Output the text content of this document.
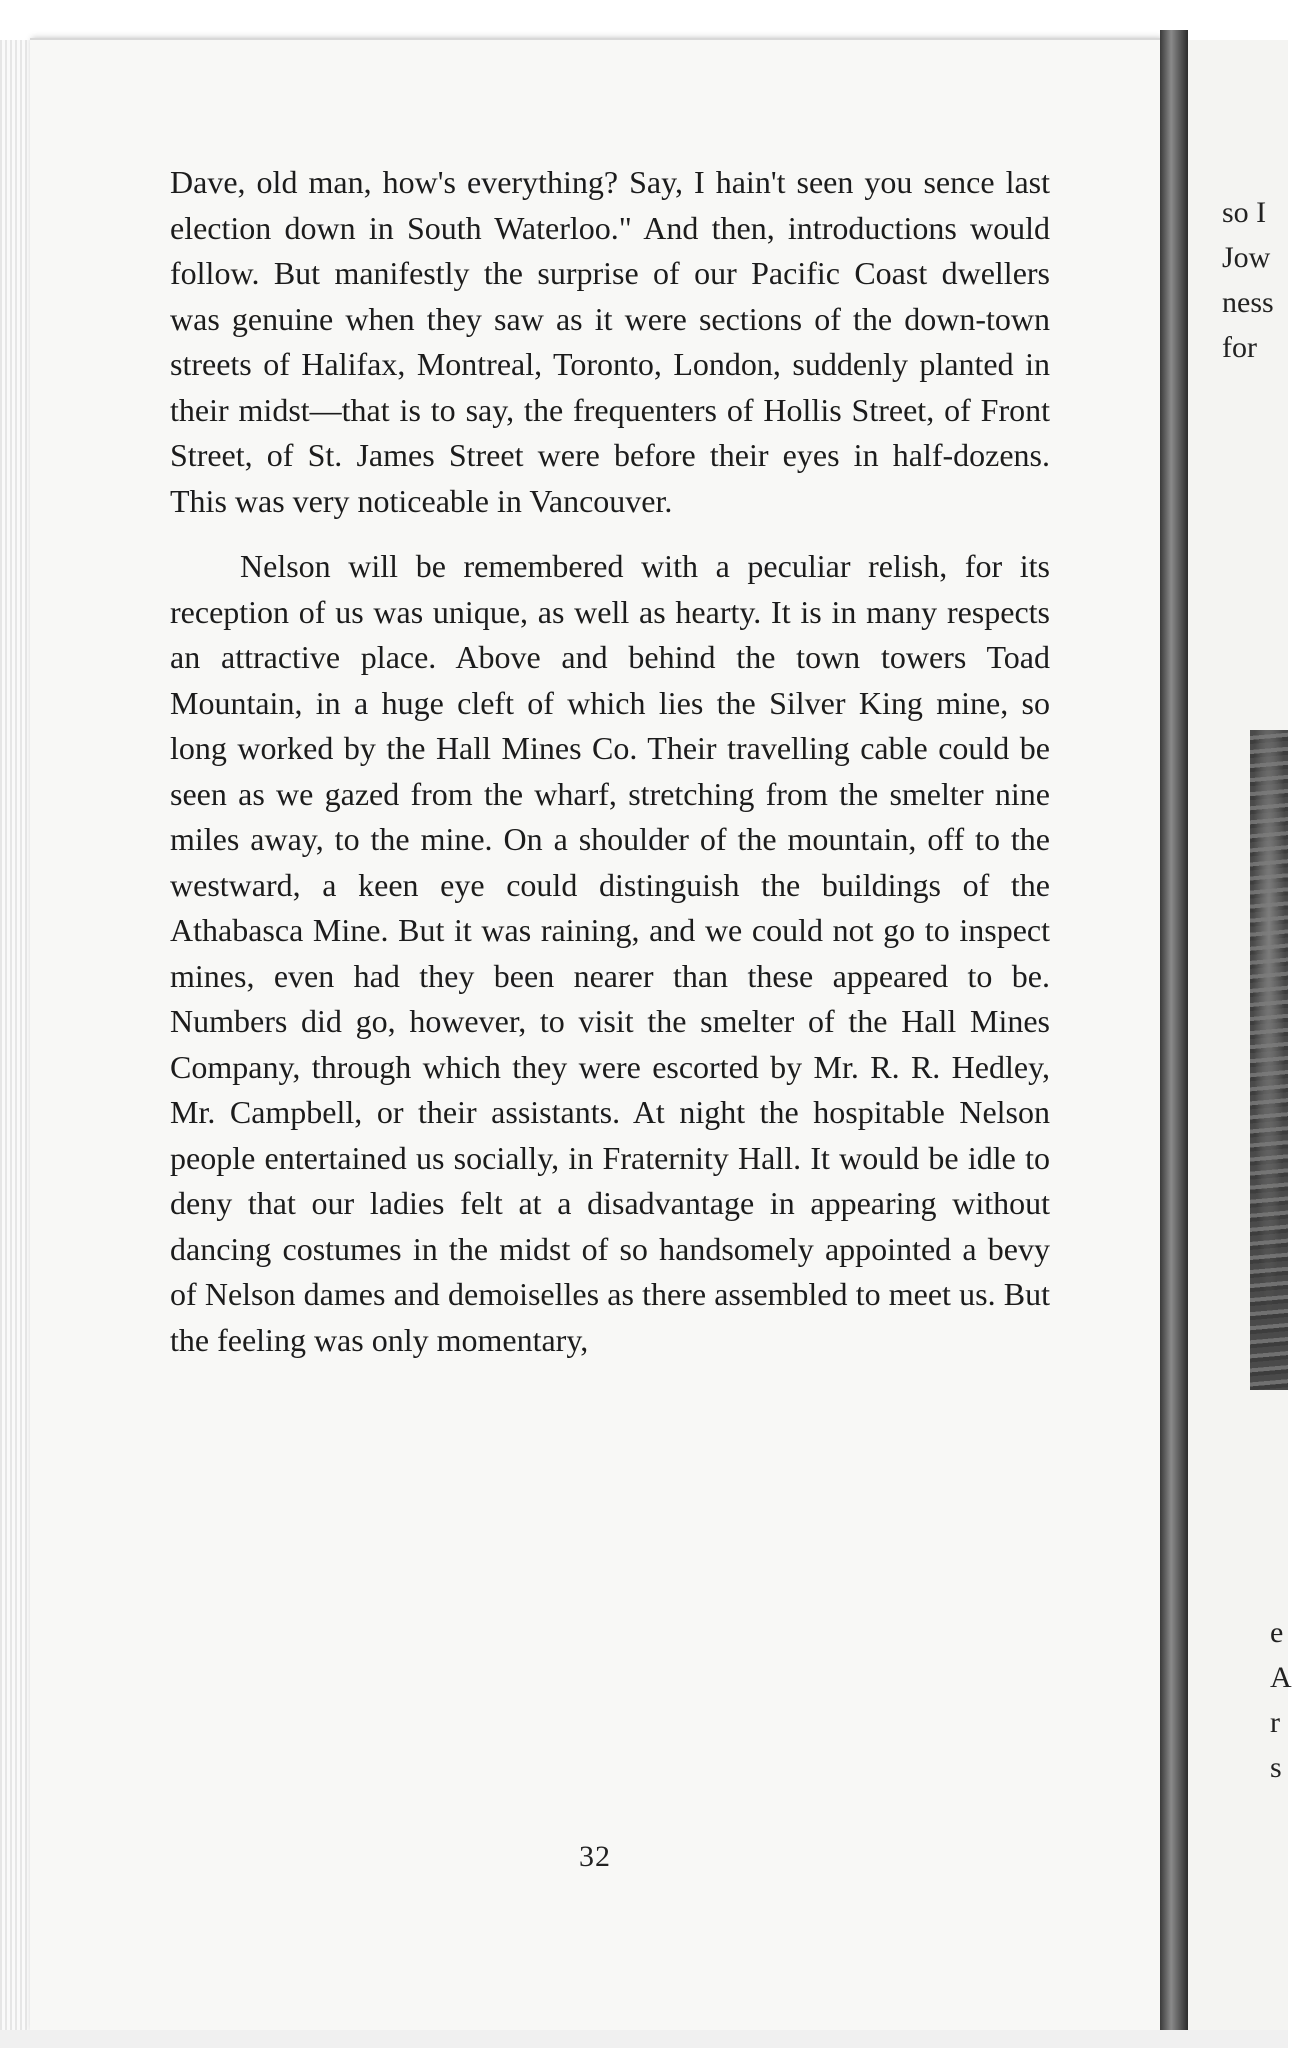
32

Dave, old man, how's everything? Say, I hain't seen you sence last election down in South Waterloo." And then, introductions would follow. But manifestly the surprise of our Pacific Coast dwellers was genuine when they saw as it were sections of the down-town streets of Halifax, Montreal, Toronto, London, suddenly planted in their midst—that is to say, the frequenters of Hollis Street, of Front Street, of St. James Street were before their eyes in half-dozens. This was very noticeable in Vancouver.

Nelson will be remembered with a peculiar relish, for its reception of us was unique, as well as hearty. It is in many respects an attractive place. Above and behind the town towers Toad Mountain, in a huge cleft of which lies the Silver King mine, so long worked by the Hall Mines Co. Their travelling cable could be seen as we gazed from the wharf, stretching from the smelter nine miles away, to the mine. On a shoulder of the mountain, off to the westward, a keen eye could distinguish the buildings of the Athabasca Mine. But it was raining, and we could not go to inspect mines, even had they been nearer than these appeared to be. Numbers did go, however, to visit the smelter of the Hall Mines Company, through which they were escorted by Mr. R. R. Hedley, Mr. Campbell, or their assistants. At night the hospitable Nelson people entertained us socially, in Fraternity Hall. It would be idle to deny that our ladies felt at a disadvantage in appearing without dancing costumes in the midst of so handsomely appointed a bevy of Nelson dames and demoiselles as there assembled to meet us. But the feeling was only momentary,

so I
Jow
ness
for
e
A
r
s
